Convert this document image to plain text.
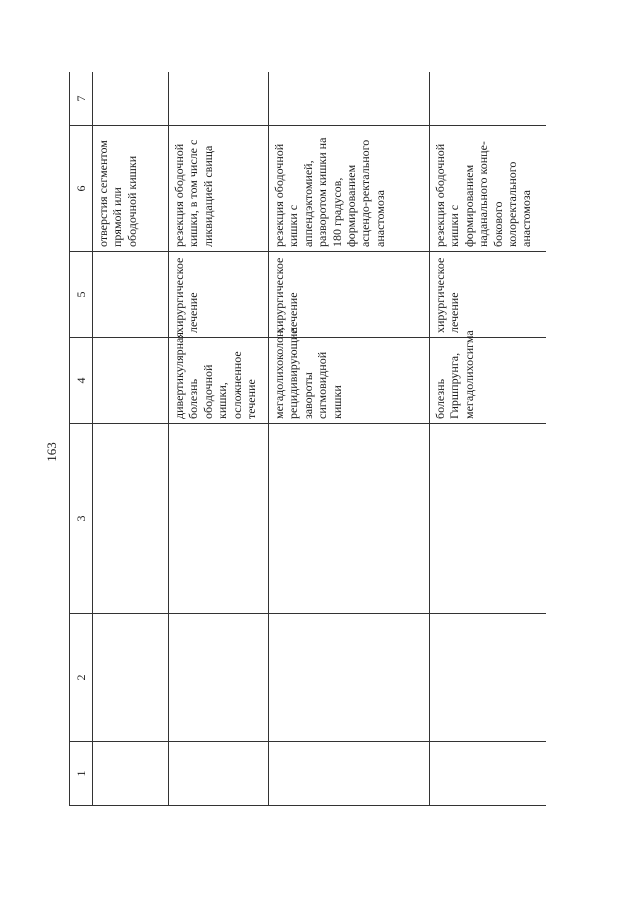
163
1	2	3	4	5	6	7
					отверстия сегментом прямой или ободочной кишки	
			дивертикулярная болезнь ободочной кишки, осложненное течение	хирургическое лечение	резекция ободочной кишки, в том числе с ликвидацией свища	
			мегадолихоколон, рецидивирующие завороты сигмовидной кишки	хирургическое лечение	резекция ободочной кишки с аппендэктомией, разворотом кишки на 180 градусов, формированием асцендо-ректального анастомоза	
			болезнь Гиршпрунга, мегадолихосигма	хирургическое лечение	резекция ободочной кишки с формированием наданального конце-бокового колоректального анастомоза	
